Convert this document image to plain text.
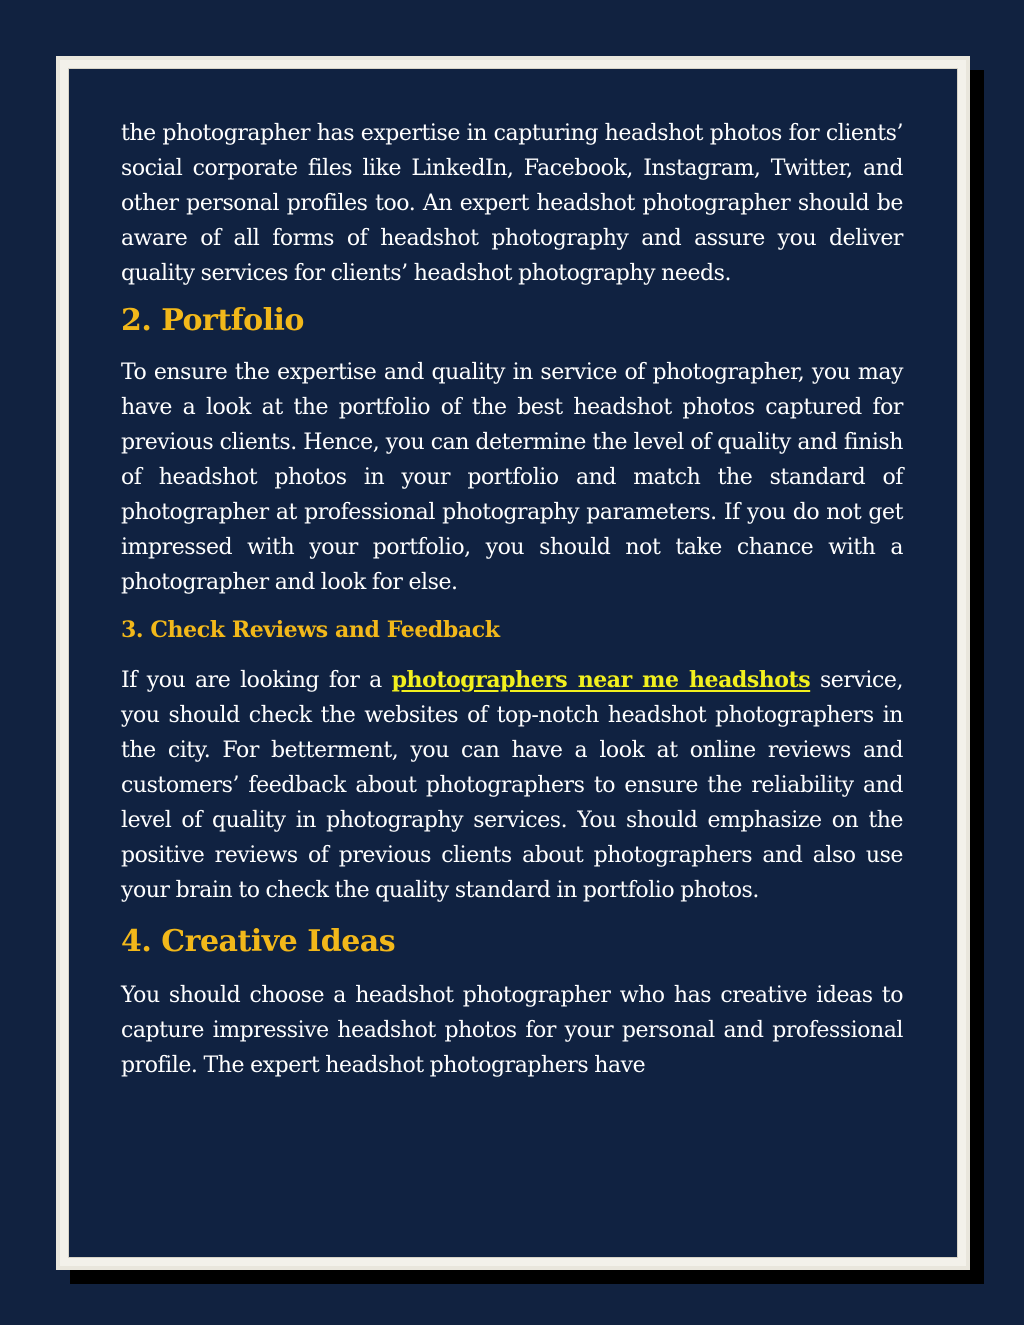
the photographer has expertise in capturing headshot photos for clients’ social corporate files like LinkedIn, Facebook, Instagram, Twitter, and other personal profiles too. An expert headshot photographer should be aware of all forms of headshot photography and assure you deliver quality services for clients’ headshot photography needs.

2. Portfolio

To ensure the expertise and quality in service of photographer, you may have a look at the portfolio of the best headshot photos captured for previous clients. Hence, you can determine the level of quality and finish of headshot photos in your portfolio and match the standard of photographer at professional photography parameters. If you do not get impressed with your portfolio, you should not take chance with a photographer and look for else.

3. Check Reviews and Feedback

If you are looking for a photographers near me headshots service, you should check the websites of top-notch headshot photographers in the city. For betterment, you can have a look at online reviews and customers’ feedback about photographers to ensure the reliability and level of quality in photography services. You should emphasize on the positive reviews of previous clients about photographers and also use your brain to check the quality standard in portfolio photos.

4. Creative Ideas

You should choose a headshot photographer who has creative ideas to capture impressive headshot photos for your personal and professional profile. The expert headshot photographers have
